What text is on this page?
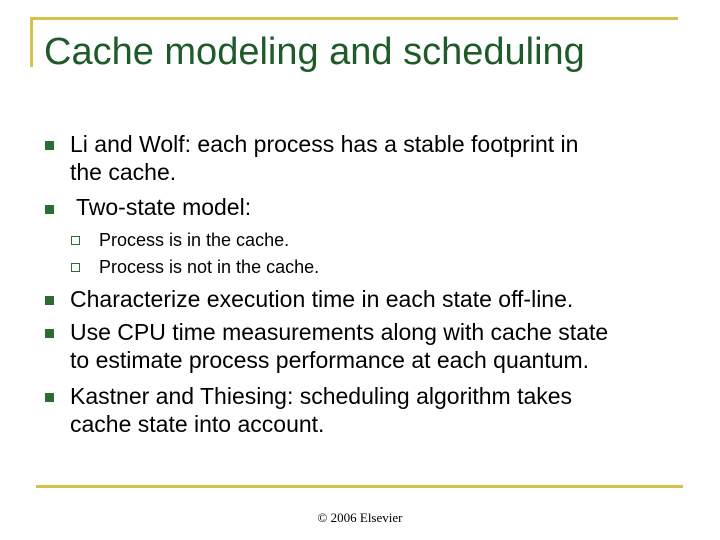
Cache modeling and scheduling
Li and Wolf: each process has a stable footprint in
the cache.
Two-state model:
Process is in the cache.
Process is not in the cache.
Characterize execution time in each state off-line.
Use CPU time measurements along with cache state
to estimate process performance at each quantum.
Kastner and Thiesing: scheduling algorithm takes
cache state into account.
© 2006 Elsevier
